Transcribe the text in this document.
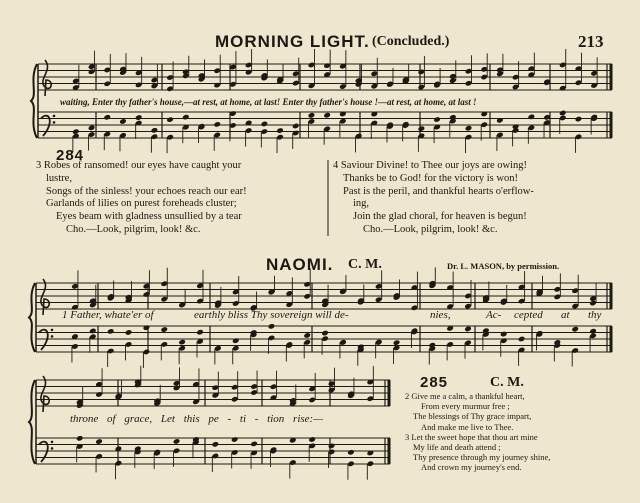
MORNING LIGHT. (Concluded.)	213
waiting, Enter thy father's house,—at rest, at home, at last! Enter thy father's house !—at rest, at home, at last !
284
3 Robes of ransomed! our eyes have caught your
lustre,
Songs of the sinless! your echoes reach our ear!
Garlands of lilies on purest foreheads cluster;
Eyes beam with gladness unsullied by a tear
Cho.—Look, pilgrim, look! &c.
4 Saviour Divine! to Thee our joys are owing!
Thanks be to God! for the victory is won!
Past is the peril, and thankful hearts o'erflow-
ing,
Join the glad choral, for heaven is begun!
Cho.—Look, pilgrim, look! &c.
NAOMI. C. M.	Dr. L. MASON, by permission.
1 Father, whate'er of	earthly bliss Thy sovereign will de-	nies,	Ac- cepted at thy
throne of grace, Let this pe - ti - tion rise:—
285	C. M.
2 Give me a calm, a thankful heart,
From every murmur free ;
The blessings of Thy grace impart,
And make me live to Thee.
3 Let the sweet hope that thou art mine
My life and death attend ;
Thy presence through my journey shine,
And crown my journey's end.
